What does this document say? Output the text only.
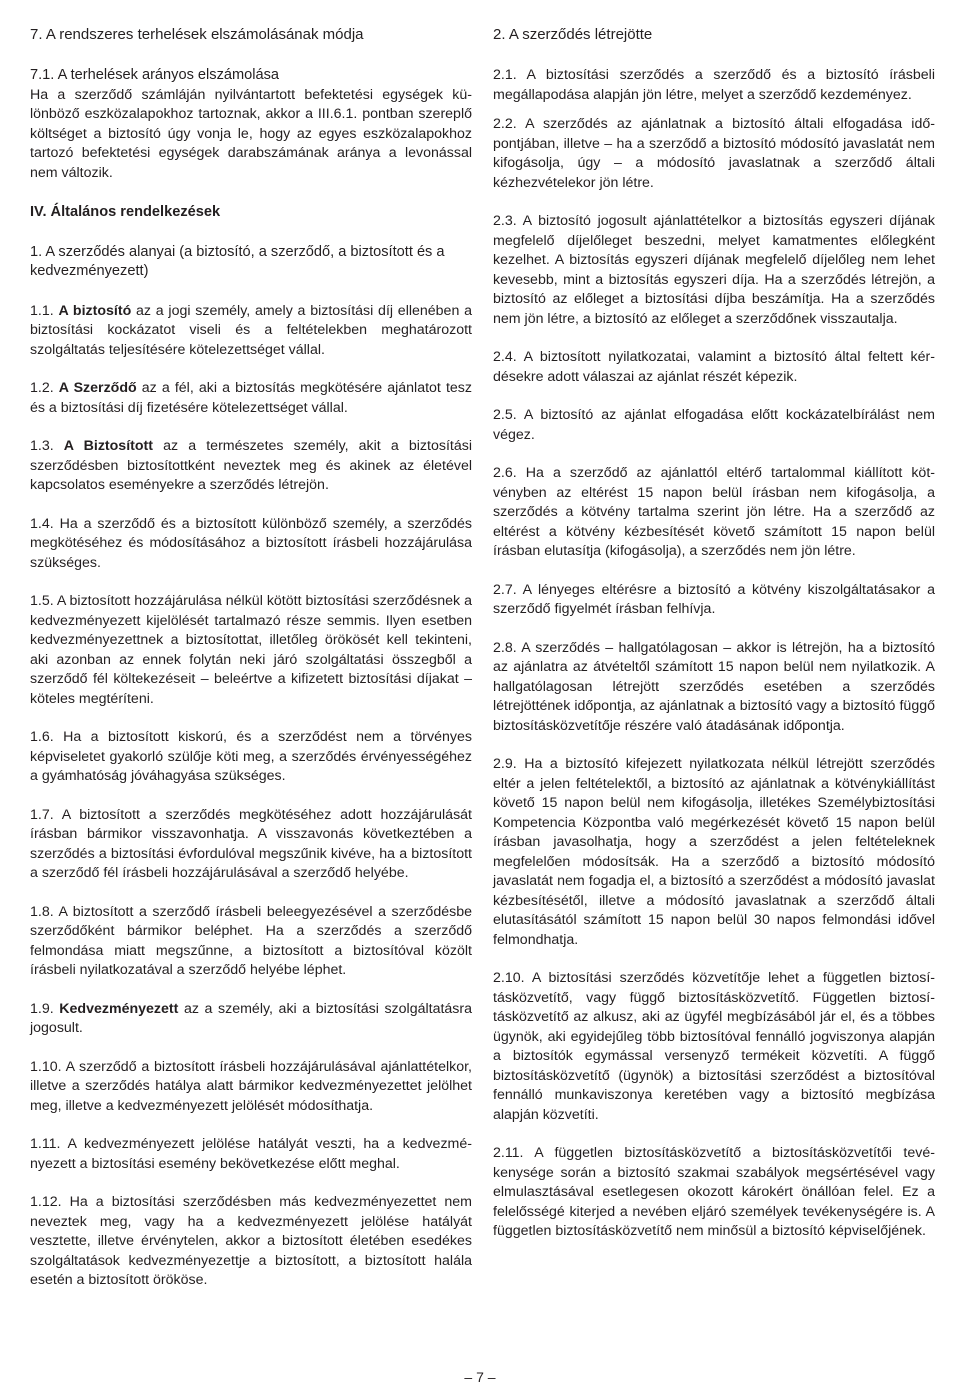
7. A rendszeres terhelések elszámolásának módja

7.1. A terhelések arányos elszámolása

Ha a szerződő számláján nyilvántartott befektetési egységek különböző eszközalapokhoz tartoznak, akkor a III.6.1. pontban szereplő költséget a biztosító úgy vonja le, hogy az egyes eszközalapokhoz tartozó befektetési egységek darabszámának aránya a levonással nem változik.

IV. Általános rendelkezések

1. A szerződés alanyai (a biztosító, a szerződő, a biztosított és a kedvezményezett)

1.1. A biztosító az a jogi személy, amely a biztosítási díj ellenében a biztosítási kockázatot viseli és a feltételekben meghatározott szolgáltatás teljesítésére kötelezettséget vállal.

1.2. A Szerződő az a fél, aki a biztosítás megkötésére ajánlatot tesz és a biztosítási díj fizetésére kötelezettséget vállal.

1.3. A Biztosított az a természetes személy, akit a biztosítási szerződésben biztosítottként neveztek meg és akinek az életével kapcsolatos eseményekre a szerződés létrejön.

1.4. Ha a szerződő és a biztosított különböző személy, a szerződés megkötéséhez és módosításához a biztosított írásbeli hozzájárulása szükséges.

1.5. A biztosított hozzájárulása nélkül kötött biztosítási szerződésnek a kedvezményezett kijelölését tartalmazó része semmis. Ilyen esetben kedvezményezettnek a biztosítottat, illetőleg örökösét kell tekinteni, aki azonban az ennek folytán neki járó szolgáltatási összegből a szerződő fél költekezéseit – beleértve a kifizetett biztosítási díjakat – köteles megtéríteni.

1.6. Ha a biztosított kiskorú, és a szerződést nem a törvényes képviseletet gyakorló szülője köti meg, a szerződés érvényességéhez a gyámhatóság jóváhagyása szükséges.

1.7. A biztosított a szerződés megkötéséhez adott hozzájárulását írásban bármikor visszavonhatja. A visszavonás következtében a szerződés a biztosítási évfordulóval megszűnik kivéve, ha a biztosított a szerződő fél írásbeli hozzájárulásával a szerződő helyébe.

1.8. A biztosított a szerződő írásbeli beleegyezésével a szerződésbe szerződőként bármikor beléphet. Ha a szerződés a szerződő felmondása miatt megszűnne, a biztosított a biztosítóval közölt írásbeli nyilatkozatával a szerződő helyébe léphet.

1.9. Kedvezményezett az a személy, aki a biztosítási szolgáltatásra jogosult.

1.10. A szerződő a biztosított írásbeli hozzájárulásával ajánlattételkor, illetve a szerződés hatálya alatt bármikor kedvezményezettet jelölhet meg, illetve a kedvezményezett jelölését módosíthatja.

1.11. A kedvezményezett jelölése hatályát veszti, ha a kedvezményezett a biztosítási esemény bekövetkezése előtt meghal.

1.12. Ha a biztosítási szerződésben más kedvezményezettet nem neveztek meg, vagy ha a kedvezményezett jelölése hatályát vesztette, illetve érvénytelen, akkor a biztosított életében esedékes szolgáltatások kedvezményezettje a biztosított, a biztosított halála esetén a biztosított örököse.

2. A szerződés létrejötte

2.1. A biztosítási szerződés a szerződő és a biztosító írásbeli megállapodása alapján jön létre, melyet a szerződő kezdeményez.

2.2. A szerződés az ajánlatnak a biztosító általi elfogadása időpontjában, illetve – ha a szerződő a biztosító módosító javaslatát nem kifogásolja, úgy – a módosító javaslatnak a szerződő általi kézhezvételekor jön létre.

2.3. A biztosító jogosult ajánlattételkor a biztosítás egyszeri díjának megfelelő díjelőleget beszedni, melyet kamatmentes előlegként kezelhet. A biztosítás egyszeri díjának megfelelő díjelőleg nem lehet kevesebb, mint a biztosítás egyszeri díja. Ha a szerződés létrejön, a biztosító az előleget a biztosítási díjba beszámítja. Ha a szerződés nem jön létre, a biztosító az előleget a szerződőnek visszautalja.

2.4. A biztosított nyilatkozatai, valamint a biztosító által feltett kérdésekre adott válaszai az ajánlat részét képezik.

2.5. A biztosító az ajánlat elfogadása előtt kockázatelbírálást nem végez.

2.6. Ha a szerződő az ajánlattól eltérő tartalommal kiállított kötvényben az eltérést 15 napon belül írásban nem kifogásolja, a szerződés a kötvény tartalma szerint jön létre. Ha a szerződő az eltérést a kötvény kézbesítését követő számított 15 napon belül írásban elutasítja (kifogásolja), a szerződés nem jön létre.

2.7. A lényeges eltérésre a biztosító a kötvény kiszolgáltatásakor a szerződő figyelmét írásban felhívja.

2.8. A szerződés – hallgatólagosan – akkor is létrejön, ha a biztosító az ajánlatra az átvételtől számított 15 napon belül nem nyilatkozik. A hallgatólagosan létrejött szerződés esetében a szerződés létrejöttének időpontja, az ajánlatnak a biztosító vagy a biztosító függő biztosításközvetítője részére való átadásának időpontja.

2.9. Ha a biztosító kifejezett nyilatkozata nélkül létrejött szerződés eltér a jelen feltételektől, a biztosító az ajánlatnak a kötvénykiállítást követő 15 napon belül nem kifogásolja, illetékes Személybiztosítási Kompetencia Központba való megérkezését követő 15 napon belül írásban javasolhatja, hogy a szerződést a jelen feltételeknek megfelelően módosítsák. Ha a szerződő a biztosító módosító javaslatát nem fogadja el, a biztosító a szerződést a módosító javaslat kézbesítésétől, illetve a módosító javaslatnak a szerződő általi elutasításától számított 15 napon belül 30 napos felmondási idővel felmondhatja.

2.10. A biztosítási szerződés közvetítője lehet a független biztosításközvetítő, vagy függő biztosításközvetítő. Független biztosításközvetítő az alkusz, aki az ügyfél megbízásából jár el, és a többes ügynök, aki egyidejűleg több biztosítóval fennálló jogviszonya alapján a biztosítók egymással versenyző termékeit közvetíti. A függő biztosításközvetítő (ügynök) a biztosítási szerződést a biztosítóval fennálló munkaviszonya keretében vagy a biztosító megbízása alapján közvetíti.

2.11. A független biztosításközvetítő a biztosításközvetítői tevékenysége során a biztosító szakmai szabályok megsértésével vagy elmulasztásával esetlegesen okozott károkért önállóan felel. Ez a felelősségé kiterjed a nevében eljáró személyek tevékenységére is. A független biztosításközvetítő nem minősül a biztosító képviselőjének.

– 7 –
